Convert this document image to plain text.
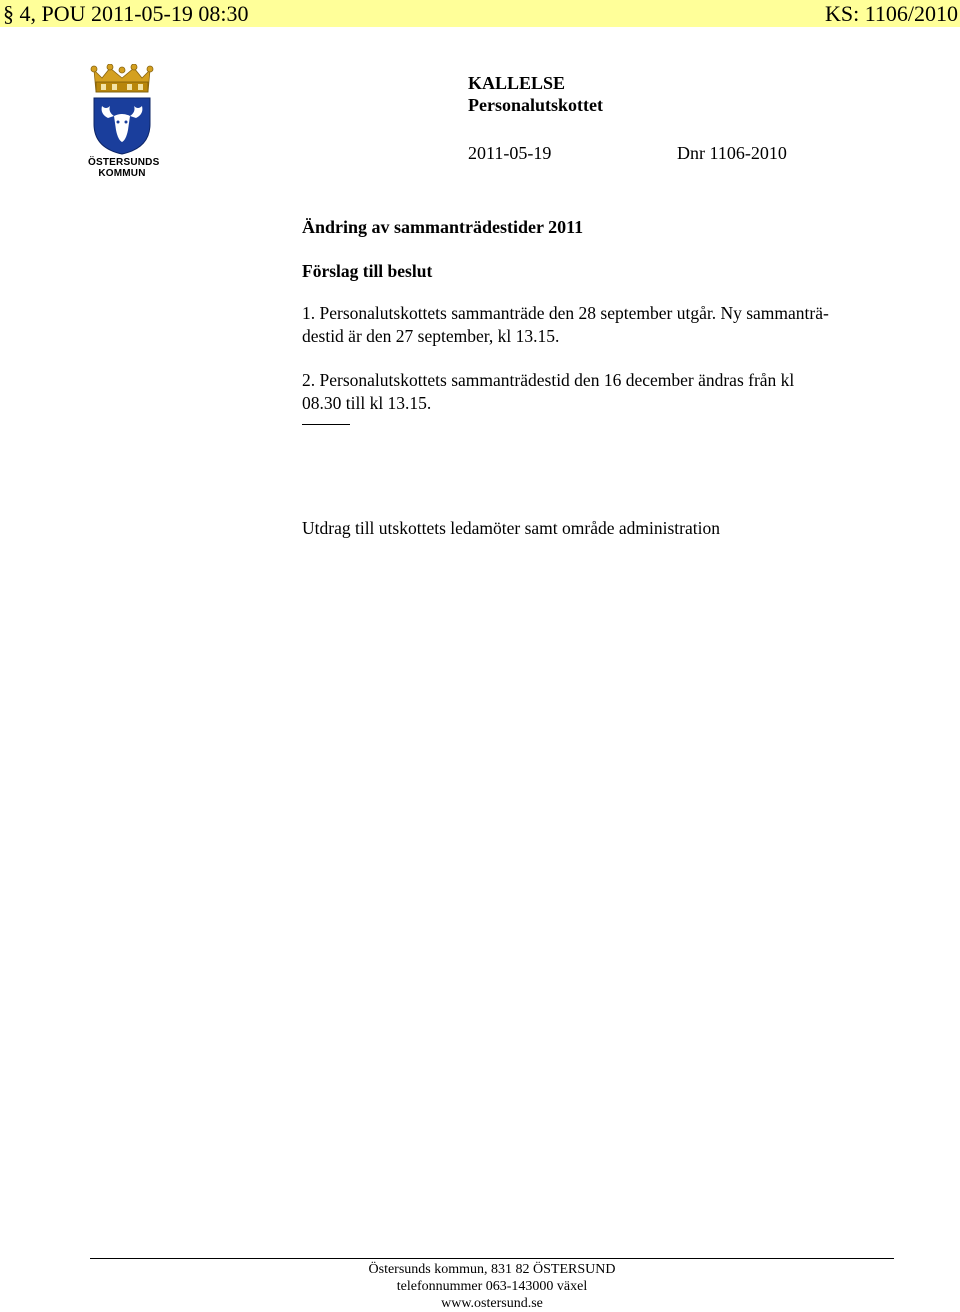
§ 4, POU 2011-05-19 08:30	KS: 1106/2010
ÖSTERSUNDS
KOMMUN
KALLELSE
Personalutskottet
2011-05-19	Dnr 1106-2010
Ändring av sammanträdestider 2011
Förslag till beslut

1. Personalutskottets sammanträde den 28 september utgår. Ny sammanträ-
destid är den 27 september, kl 13.15.

2. Personalutskottets sammanträdestid den 16 december ändras från kl
08.30 till kl 13.15.

Utdrag till utskottets ledamöter samt område administration

Östersunds kommun, 831 82 ÖSTERSUND
telefonnummer 063-143000 växel
www.ostersund.se
